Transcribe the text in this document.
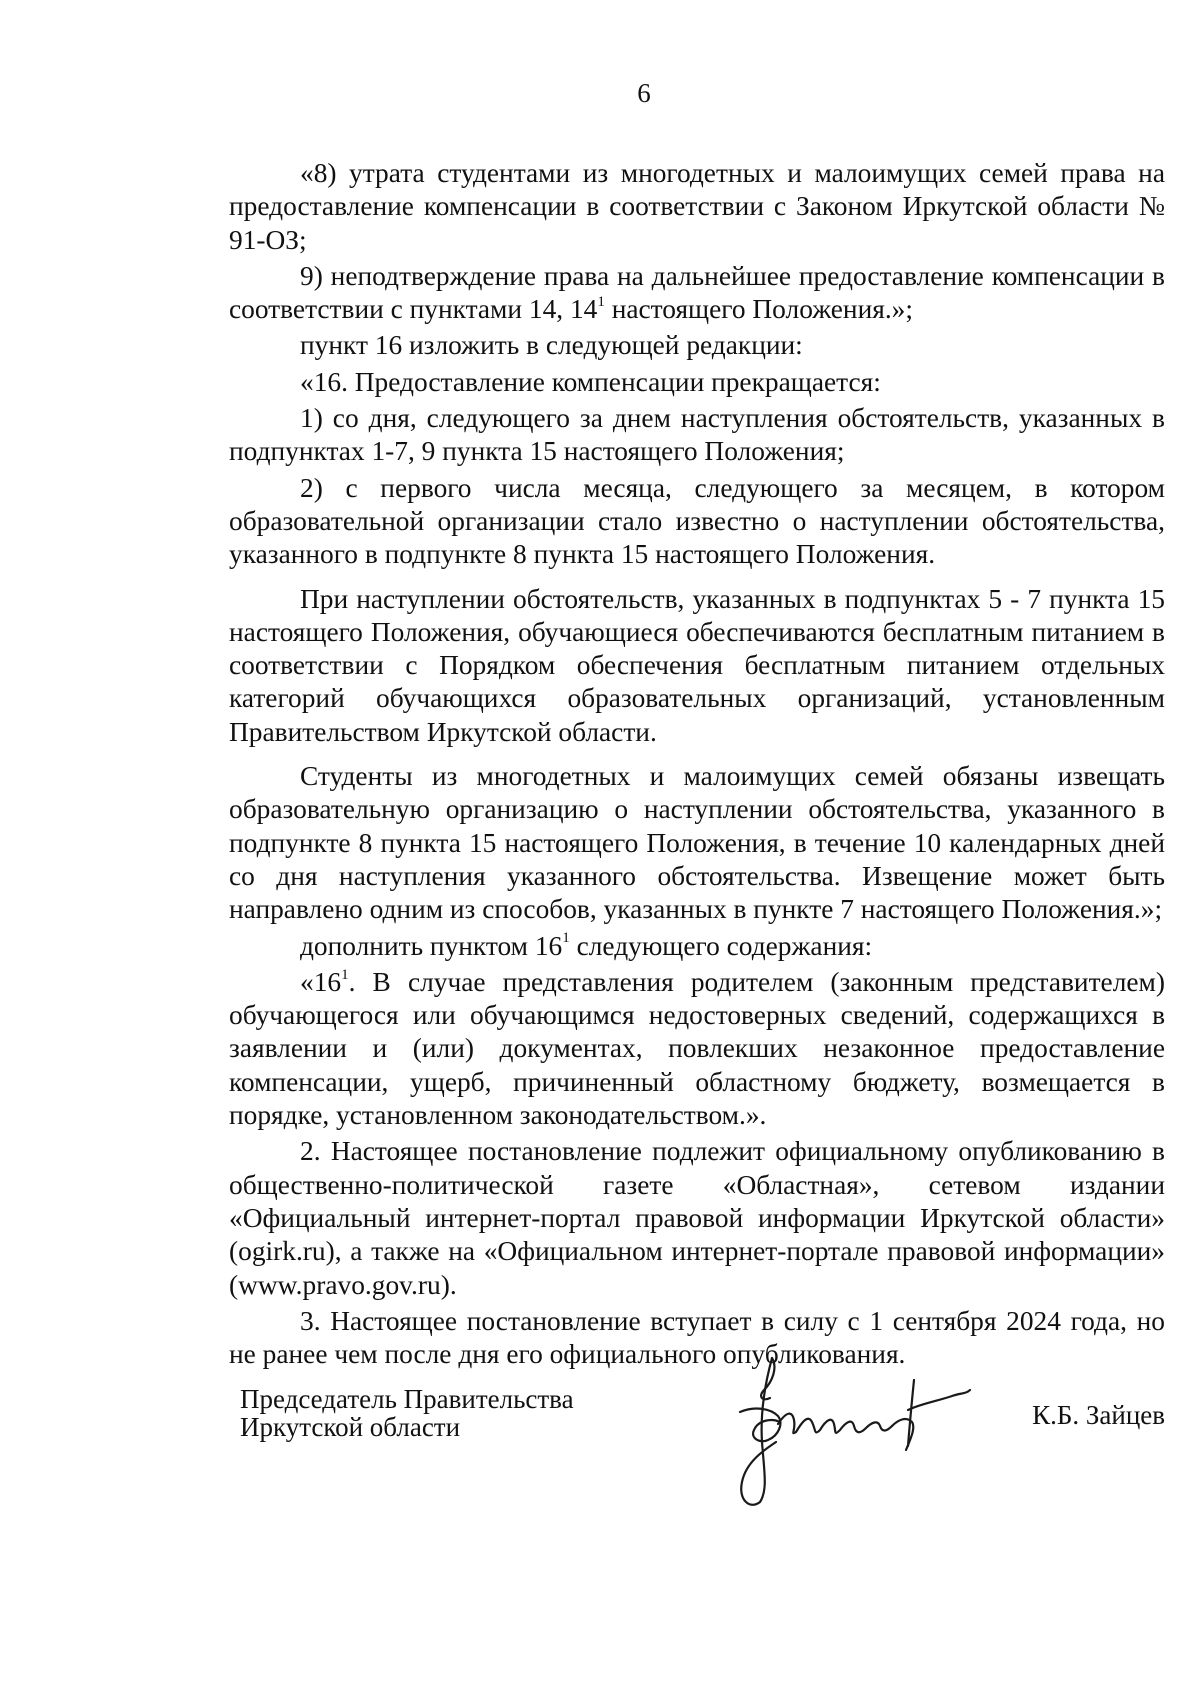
6

«8) утрата студентами из многодетных и малоимущих семей права на предоставление компенсации в соответствии с Законом Иркутской области № 91-ОЗ;

9) неподтверждение права на дальнейшее предоставление компенсации в соответствии с пунктами 14, $14^1$ настоящего Положения.»;

пункт 16 изложить в следующей редакции:

«16. Предоставление компенсации прекращается:

1) со дня, следующего за днем наступления обстоятельств, указанных в подпунктах 1-7, 9 пункта 15 настоящего Положения;

2) с первого числа месяца, следующего за месяцем, в котором образовательной организации стало известно о наступлении обстоятельства, указанного в подпункте 8 пункта 15 настоящего Положения.

При наступлении обстоятельств, указанных в подпунктах 5 - 7 пункта 15 настоящего Положения, обучающиеся обеспечиваются бесплатным питанием в соответствии с Порядком обеспечения бесплатным питанием отдельных категорий обучающихся образовательных организаций, установленным Правительством Иркутской области.

Студенты из многодетных и малоимущих семей обязаны извещать образовательную организацию о наступлении обстоятельства, указанного в подпункте 8 пункта 15 настоящего Положения, в течение 10 календарных дней со дня наступления указанного обстоятельства. Извещение может быть направлено одним из способов, указанных в пункте 7 настоящего Положения.»;

дополнить пунктом $16^1$ следующего содержания:

«$16^1$. В случае представления родителем (законным представителем) обучающегося или обучающимся недостоверных сведений, содержащихся в заявлении и (или) документах, повлекших незаконное предоставление компенсации, ущерб, причиненный областному бюджету, возмещается в порядке, установленном законодательством.».

2. Настоящее постановление подлежит официальному опубликованию в общественно-политической газете «Областная», сетевом издании «Официальный интернет-портал правовой информации Иркутской области» (ogirk.ru), а также на «Официальном интернет-портале правовой информации» (www.pravo.gov.ru).

3. Настоящее постановление вступает в силу с 1 сентября 2024 года, но не ранее чем после дня его официального опубликования.

Председатель Правительства
Иркутской области	К.Б. Зайцев
